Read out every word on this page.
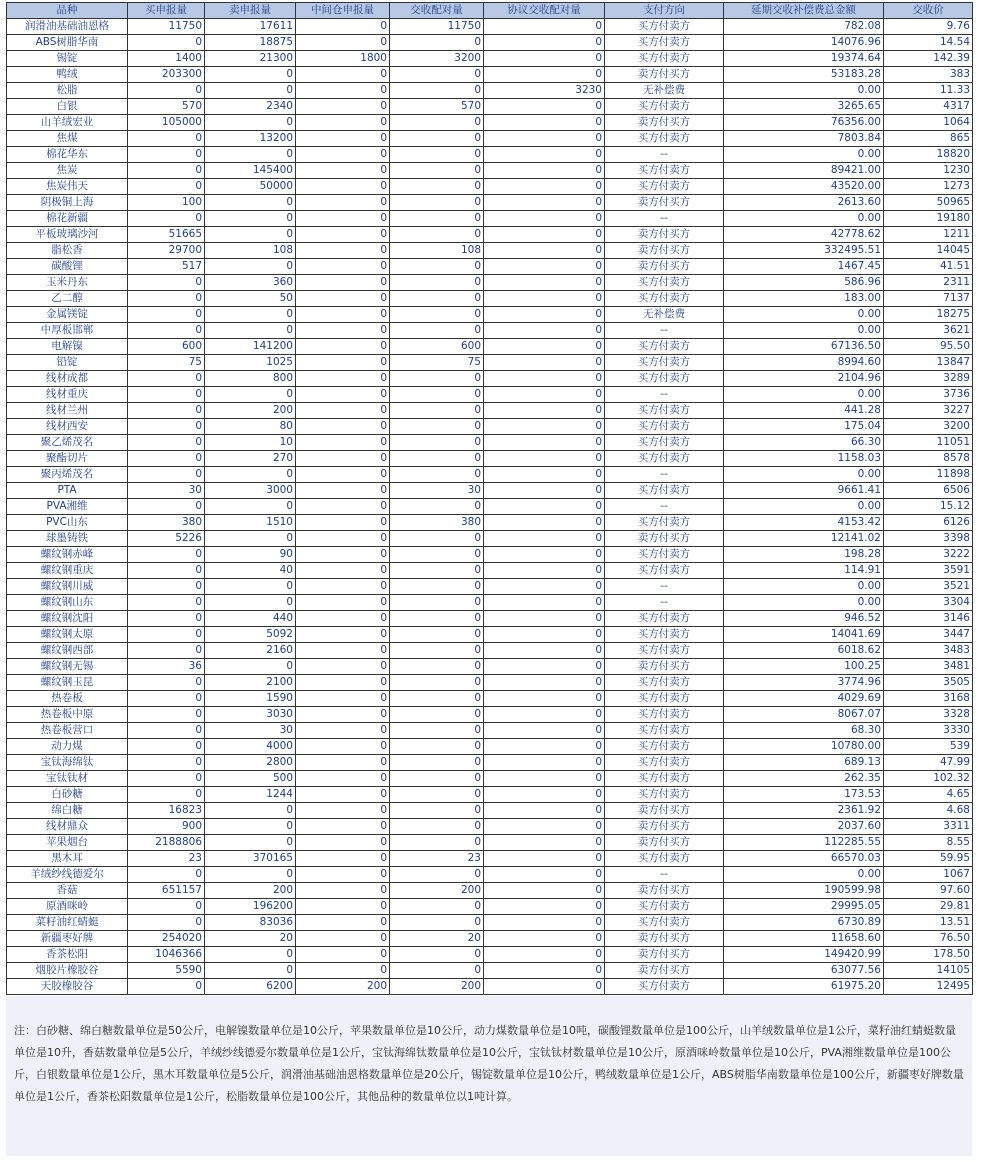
品种	买申报量	卖申报量	中间仓申报量	交收配对量	协议交收配对量	支付方向	延期交收补偿费总金额	交收价
润滑油基础油恩格	11750	17611	0	11750	0	买方付卖方	782.08	9.76
ABS树脂华南	0	18875	0	0	0	买方付卖方	14076.96	14.54
锡锭	1400	21300	1800	3200	0	买方付卖方	19374.64	142.39
鸭绒	203300	0	0	0	0	卖方付买方	53183.28	383
松脂	0	0	0	0	3230	无补偿费	0.00	11.33
白银	570	2340	0	570	0	买方付卖方	3265.65	4317
山羊绒宏业	105000	0	0	0	0	卖方付买方	76356.00	1064
焦煤	0	13200	0	0	0	买方付卖方	7803.84	865
棉花华东	0	0	0	0	0	--	0.00	18820
焦炭	0	145400	0	0	0	买方付卖方	89421.00	1230
焦炭伟天	0	50000	0	0	0	买方付卖方	43520.00	1273
阴极铜上海	100	0	0	0	0	卖方付买方	2613.60	50965
棉花新疆	0	0	0	0	0	--	0.00	19180
平板玻璃沙河	51665	0	0	0	0	卖方付买方	42778.62	1211
脂松香	29700	108	0	108	0	卖方付买方	332495.51	14045
碳酸锂	517	0	0	0	0	卖方付买方	1467.45	41.51
玉米丹东	0	360	0	0	0	买方付卖方	586.96	2311
乙二醇	0	50	0	0	0	买方付卖方	183.00	7137
金属镁锭	0	0	0	0	0	无补偿费	0.00	18275
中厚板邯郸	0	0	0	0	0	--	0.00	3621
电解镍	600	141200	0	600	0	买方付卖方	67136.50	95.50
铅锭	75	1025	0	75	0	买方付卖方	8994.60	13847
线材成都	0	800	0	0	0	买方付卖方	2104.96	3289
线材重庆	0	0	0	0	0	--	0.00	3736
线材兰州	0	200	0	0	0	买方付卖方	441.28	3227
线材西安	0	80	0	0	0	买方付卖方	175.04	3200
聚乙烯茂名	0	10	0	0	0	买方付卖方	66.30	11051
聚酯切片	0	270	0	0	0	买方付卖方	1158.03	8578
聚丙烯茂名	0	0	0	0	0	--	0.00	11898
PTA	30	3000	0	30	0	买方付卖方	9661.41	6506
PVA湘维	0	0	0	0	0	--	0.00	15.12
PVC山东	380	1510	0	380	0	买方付卖方	4153.42	6126
球墨铸铁	5226	0	0	0	0	卖方付买方	12141.02	3398
螺纹钢赤峰	0	90	0	0	0	买方付卖方	198.28	3222
螺纹钢重庆	0	40	0	0	0	买方付卖方	114.91	3591
螺纹钢川威	0	0	0	0	0	--	0.00	3521
螺纹钢山东	0	0	0	0	0	--	0.00	3304
螺纹钢沈阳	0	440	0	0	0	买方付卖方	946.52	3146
螺纹钢太原	0	5092	0	0	0	买方付卖方	14041.69	3447
螺纹钢西部	0	2160	0	0	0	买方付卖方	6018.62	3483
螺纹钢无锡	36	0	0	0	0	卖方付买方	100.25	3481
螺纹钢玉昆	0	2100	0	0	0	买方付卖方	3774.96	3505
热卷板	0	1590	0	0	0	买方付卖方	4029.69	3168
热卷板中原	0	3030	0	0	0	买方付卖方	8067.07	3328
热卷板营口	0	30	0	0	0	买方付卖方	68.30	3330
动力煤	0	4000	0	0	0	买方付卖方	10780.00	539
宝钛海绵钛	0	2800	0	0	0	买方付卖方	689.13	47.99
宝钛钛材	0	500	0	0	0	买方付卖方	262.35	102.32
白砂糖	0	1244	0	0	0	买方付卖方	173.53	4.65
绵白糖	16823	0	0	0	0	卖方付买方	2361.92	4.68
线材鼎众	900	0	0	0	0	卖方付买方	2037.60	3311
苹果烟台	2188806	0	0	0	0	卖方付买方	112285.55	8.55
黑木耳	23	370165	0	23	0	买方付卖方	66570.03	59.95
羊绒纱线德爱尔	0	0	0	0	0	--	0.00	1067
香菇	651157	200	0	200	0	卖方付买方	190599.98	97.60
原酒咪岭	0	196200	0	0	0	买方付卖方	29995.05	29.81
菜籽油红蜻蜓	0	83036	0	0	0	买方付卖方	6730.89	13.51
新疆枣好牌	254020	20	0	20	0	卖方付买方	11658.60	76.50
香茶松阳	1046366	0	0	0	0	卖方付买方	149420.99	178.50
烟胶片橡胶谷	5590	0	0	0	0	卖方付买方	63077.56	14105
天胶橡胶谷	0	6200	200	200	0	买方付卖方	61975.20	12495
注：白砂糖、绵白糖数量单位是50公斤，电解镍数量单位是10公斤，苹果数量单位是10公斤，动力煤数量单位是10吨，碳酸锂数量单位是100公斤，山羊绒数量单位是1公斤，菜籽油红蜻蜓数量单位是10升，香菇数量单位是5公斤，羊绒纱线德爱尔数量单位是1公斤，宝钛海绵钛数量单位是10公斤，宝钛钛材数量单位是10公斤，原酒咪岭数量单位是10公斤，PVA湘维数量单位是100公斤，白银数量单位是1公斤，黑木耳数量单位是5公斤，润滑油基础油恩格数量单位是20公斤，锡锭数量单位是10公斤，鸭绒数量单位是1公斤，ABS树脂华南数量单位是100公斤，新疆枣好牌数量单位是1公斤，香茶松阳数量单位是1公斤，松脂数量单位是100公斤，其他品种的数量单位以1吨计算。
